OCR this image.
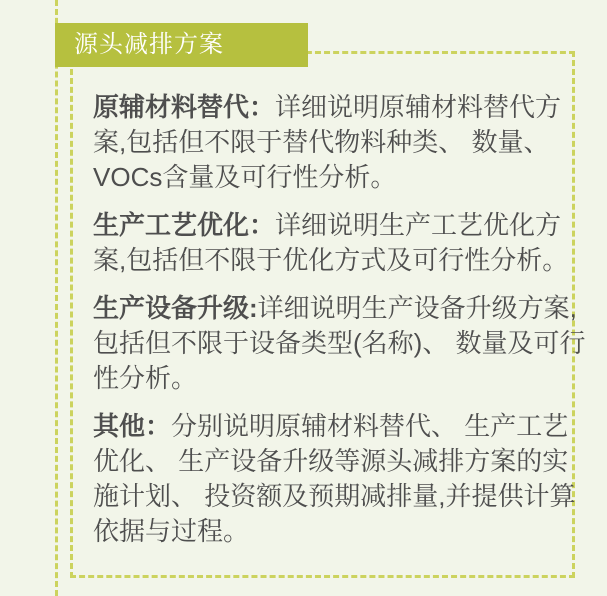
源头减排方案
原辅材料替代：详细说明原辅材料替代方
案,包括但不限于替代物料种类、 数量、
VOCs含量及可行性分析。
生产工艺优化：详细说明生产工艺优化方
案,包括但不限于优化方式及可行性分析。
生产设备升级:详细说明生产设备升级方案,
包括但不限于设备类型(名称)、 数量及可行
性分析。
其他：分别说明原辅材料替代、 生产工艺
优化、 生产设备升级等源头减排方案的实
施计划、 投资额及预期减排量,并提供计算
依据与过程。
